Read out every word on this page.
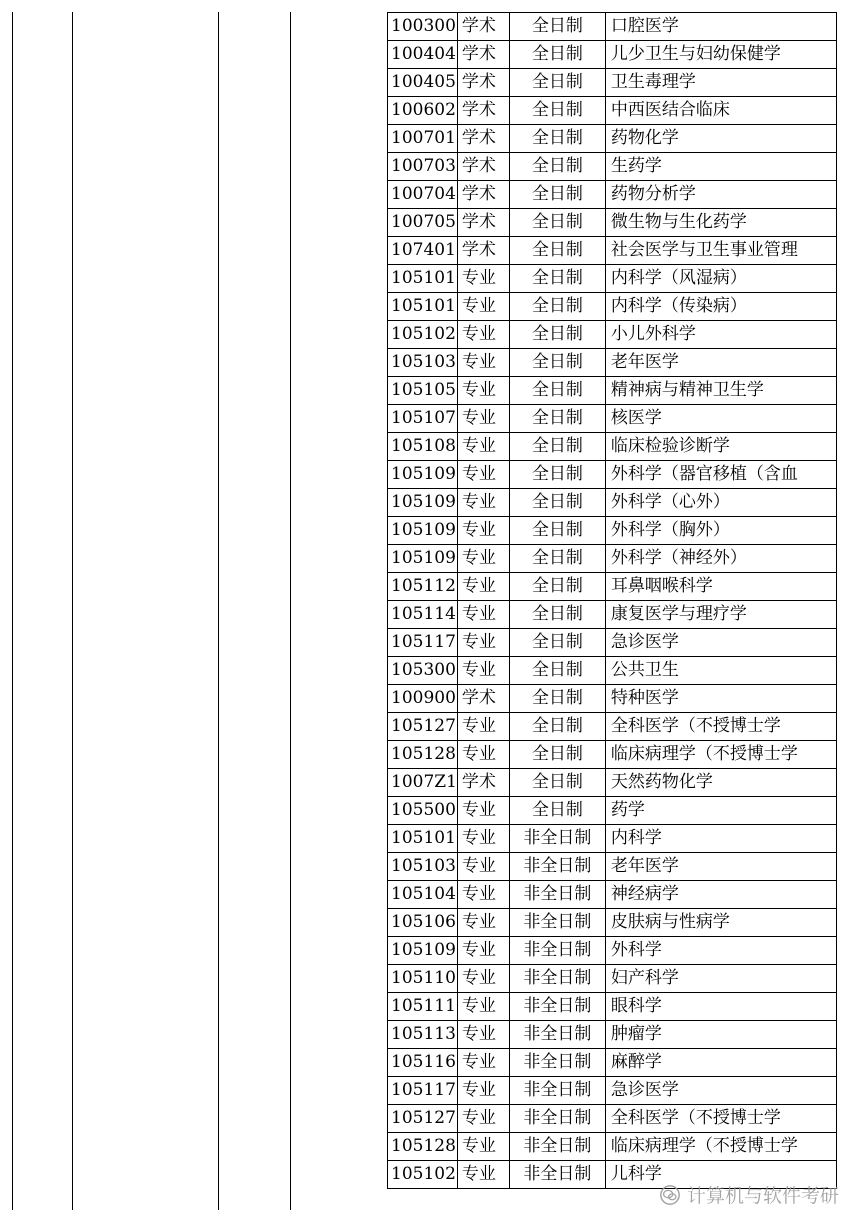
100300	学术	全日制	口腔医学
100404	学术	全日制	儿少卫生与妇幼保健学
100405	学术	全日制	卫生毒理学
100602	学术	全日制	中西医结合临床
100701	学术	全日制	药物化学
100703	学术	全日制	生药学
100704	学术	全日制	药物分析学
100705	学术	全日制	微生物与生化药学
107401	学术	全日制	社会医学与卫生事业管理
105101	专业	全日制	内科学（风湿病）
105101	专业	全日制	内科学（传染病）
105102	专业	全日制	小儿外科学
105103	专业	全日制	老年医学
105105	专业	全日制	精神病与精神卫生学
105107	专业	全日制	核医学
105108	专业	全日制	临床检验诊断学
105109	专业	全日制	外科学（器官移植（含血
105109	专业	全日制	外科学（心外）
105109	专业	全日制	外科学（胸外）
105109	专业	全日制	外科学（神经外）
105112	专业	全日制	耳鼻咽喉科学
105114	专业	全日制	康复医学与理疗学
105117	专业	全日制	急诊医学
105300	专业	全日制	公共卫生
100900	学术	全日制	特种医学
105127	专业	全日制	全科医学（不授博士学
105128	专业	全日制	临床病理学（不授博士学
1007Z1	学术	全日制	天然药物化学
105500	专业	全日制	药学
105101	专业	非全日制	内科学
105103	专业	非全日制	老年医学
105104	专业	非全日制	神经病学
105106	专业	非全日制	皮肤病与性病学
105109	专业	非全日制	外科学
105110	专业	非全日制	妇产科学
105111	专业	非全日制	眼科学
105113	专业	非全日制	肿瘤学
105116	专业	非全日制	麻醉学
105117	专业	非全日制	急诊医学
105127	专业	非全日制	全科医学（不授博士学
105128	专业	非全日制	临床病理学（不授博士学
105102	专业	非全日制	儿科学
计算机与软件考研
